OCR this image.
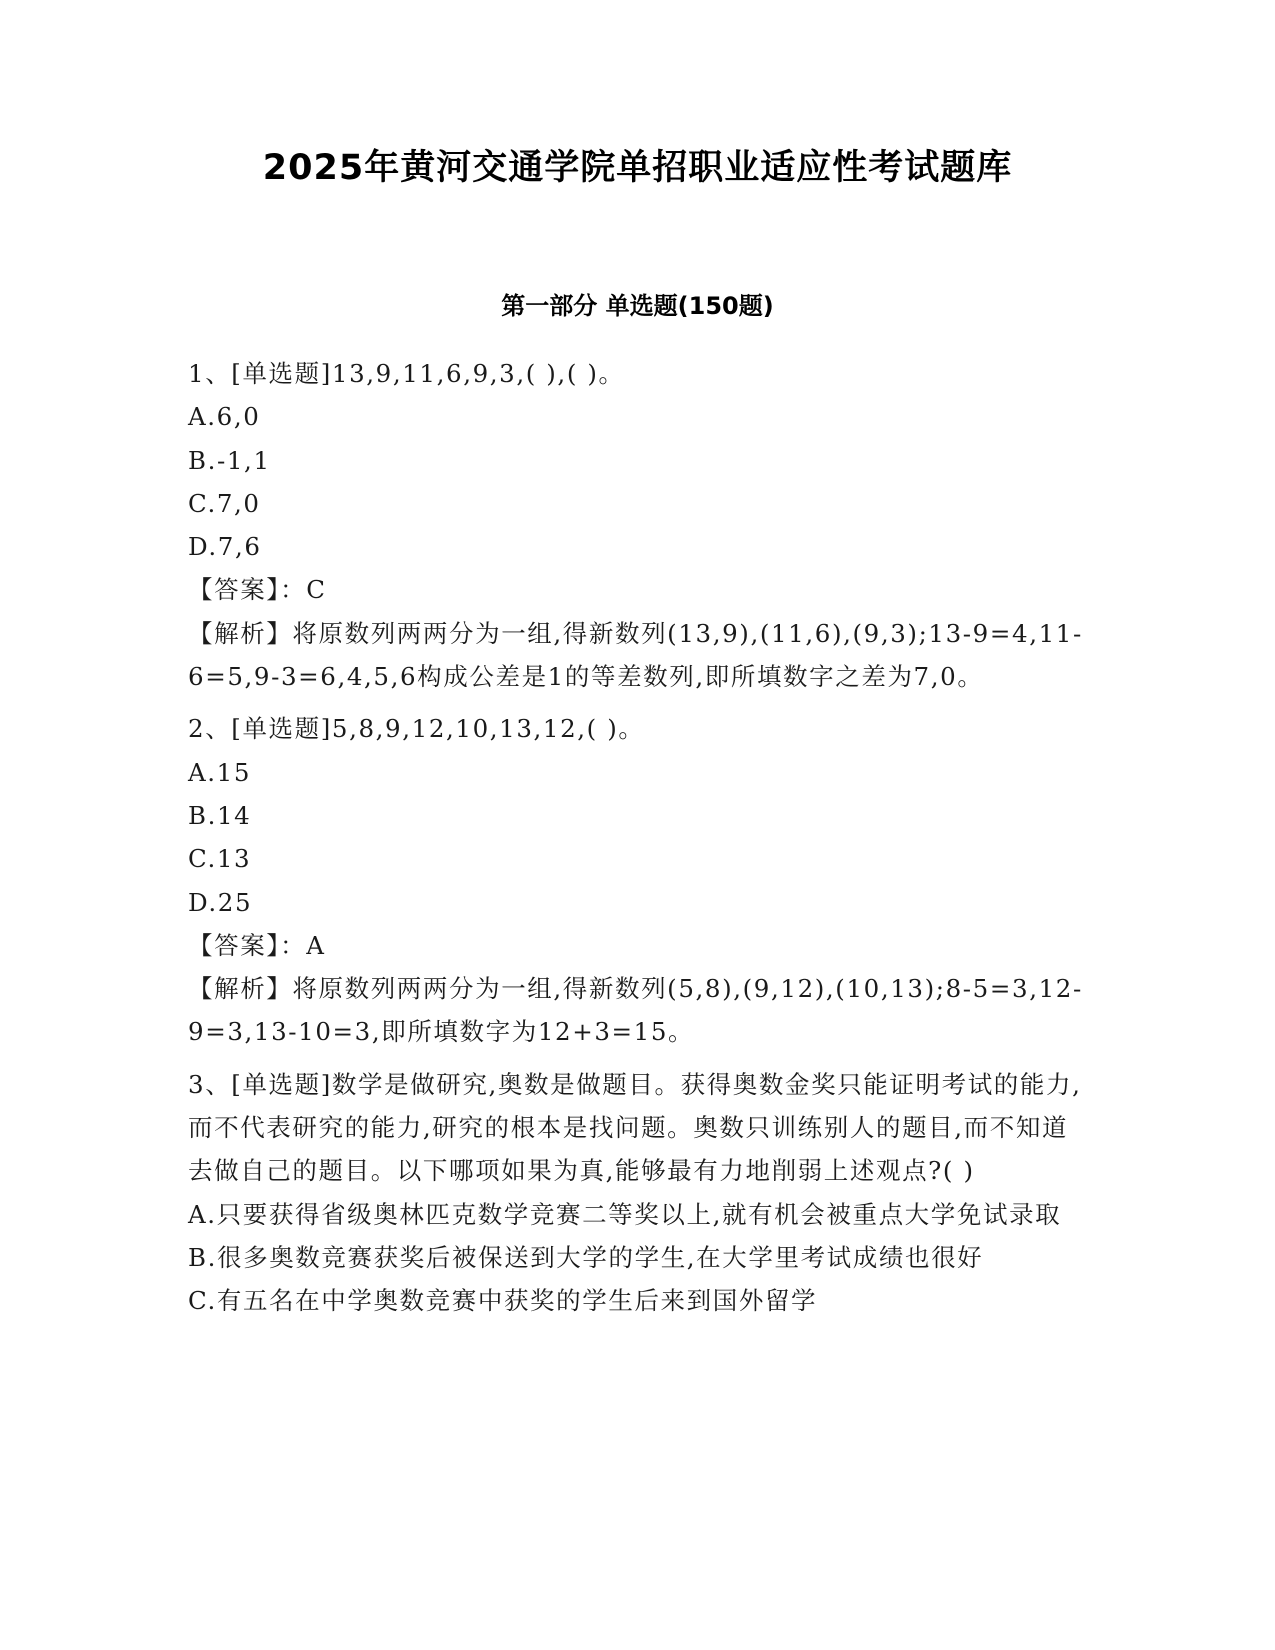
2025年黄河交通学院单招职业适应性考试题库
第一部分 单选题(150题)
1、[单选题]13,9,11,6,9,3,( ),( )。
A.6,0
B.-1,1
C.7,0
D.7,6
【答案】：C
【解析】将原数列两两分为一组,得新数列(13,9),(11,6),(9,3);13-9=4,11-6=5,9-3=6,4,5,6构成公差是1的等差数列,即所填数字之差为7,0。
2、[单选题]5,8,9,12,10,13,12,( )。
A.15
B.14
C.13
D.25
【答案】：A
【解析】将原数列两两分为一组,得新数列(5,8),(9,12),(10,13);8-5=3,12-9=3,13-10=3,即所填数字为12+3=15。
3、[单选题]数学是做研究,奥数是做题目。获得奥数金奖只能证明考试的能力,而不代表研究的能力,研究的根本是找问题。奥数只训练别人的题目,而不知道去做自己的题目。以下哪项如果为真,能够最有力地削弱上述观点?( )
A.只要获得省级奥林匹克数学竞赛二等奖以上,就有机会被重点大学免试录取
B.很多奥数竞赛获奖后被保送到大学的学生,在大学里考试成绩也很好
C.有五名在中学奥数竞赛中获奖的学生后来到国外留学
